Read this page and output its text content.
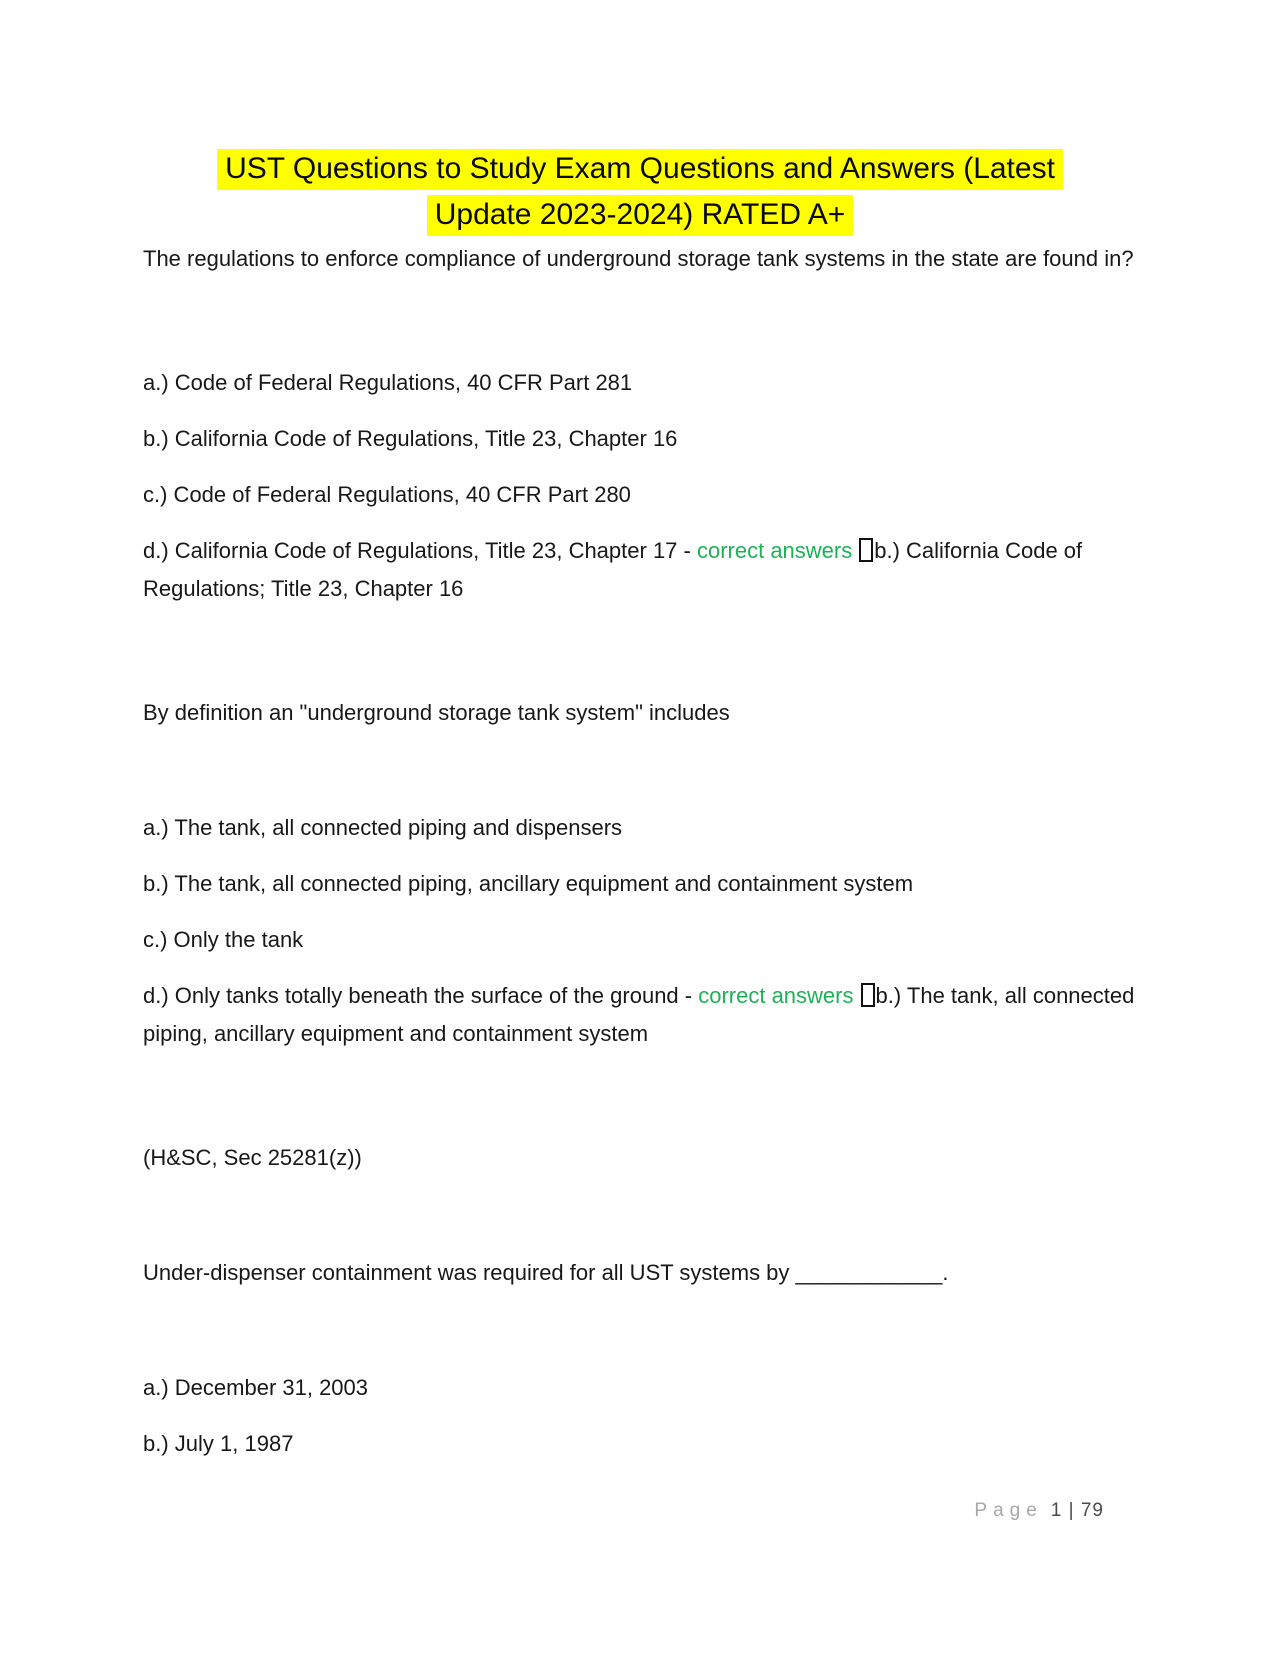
UST Questions to Study Exam Questions and Answers (Latest
Update 2023-2024) RATED A+

The regulations to enforce compliance of underground storage tank systems in the state are found in?

a.) Code of Federal Regulations, 40 CFR Part 281

b.) California Code of Regulations, Title 23, Chapter 16

c.) Code of Federal Regulations, 40 CFR Part 280

d.) California Code of Regulations, Title 23, Chapter 17 - correct answers b.) California Code of Regulations; Title 23, Chapter 16

By definition an "underground storage tank system" includes

a.) The tank, all connected piping and dispensers

b.) The tank, all connected piping, ancillary equipment and containment system

c.) Only the tank

d.) Only tanks totally beneath the surface of the ground - correct answers b.) The tank, all connected piping, ancillary equipment and containment system

(H&SC, Sec 25281(z))

Under-dispenser containment was required for all UST systems by ____________.

a.) December 31, 2003

b.) July 1, 1987

Page 1 | 79
